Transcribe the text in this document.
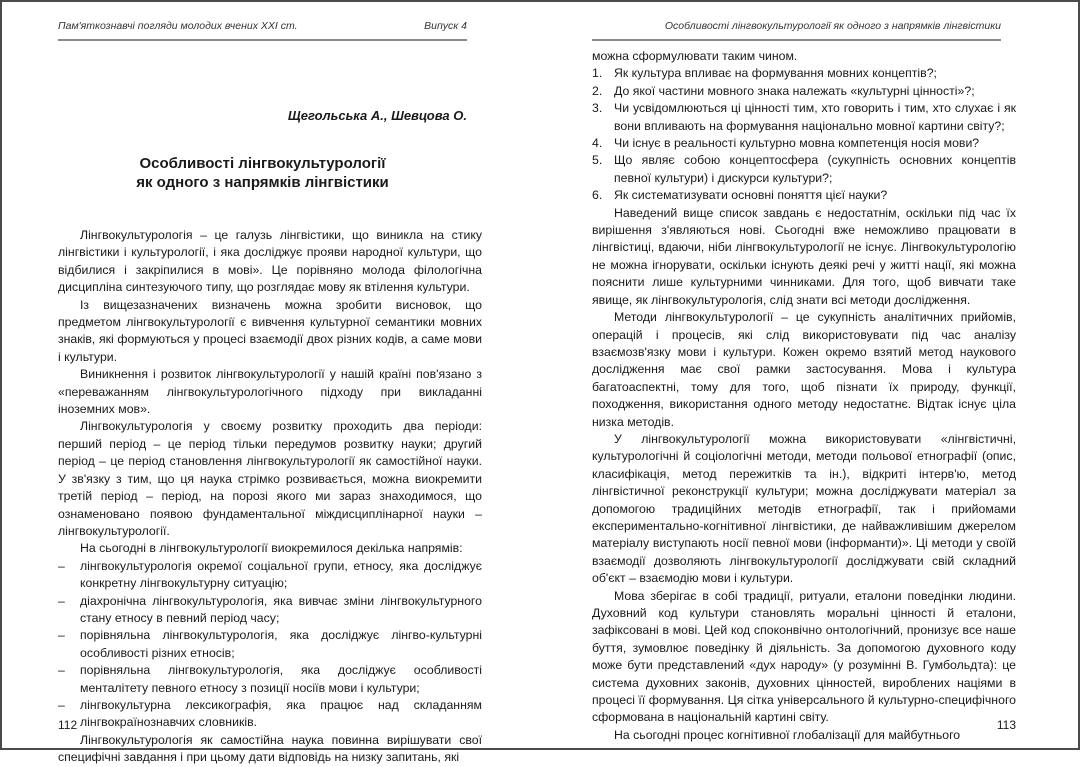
Пам'яткознавчі погляди молодих вчених XXI ст.	Випуск 4
Щегольська А., Шевцова О.
Особливості лінгвокультурології
як одного з напрямків лінгвістики

Лінгвокультурологія – це галузь лінгвістики, що виникла на стику лінгвістики і культурології, і яка досліджує прояви народної культури, що відбилися і закріпилися в мові». Це порівняно молода філологічна дисципліна синтезуючого типу, що розглядає мову як втілення культури.

Із вищезазначених визначень можна зробити висновок, що предметом лінгвокультурології є вивчення культурної семантики мовних знаків, які формуються у процесі взаємодії двох різних кодів, а саме мови і культури.

Виникнення і розвиток лінгвокультурології у нашій країні пов'язано з «переважанням лінгвокультурологічного підходу при викладанні іноземних мов».

Лінгвокультурологія у своєму розвитку проходить два періоди: перший період – це період тільки передумов розвитку науки; другий період – це період становлення лінгвокультурології як самостійної науки. У зв'язку з тим, що ця наука стрімко розвивається, можна виокремити третій період – період, на порозі якого ми зараз знаходимося, що ознаменовано появою фундаментальної міждисциплінарної науки – лінгвокультурології.

На сьогодні в лінгвокультурології виокремилося декілька напрямів:

– лінгвокультурологія окремої соціальної групи, етносу, яка досліджує конкретну лінгвокультурну ситуацію;
– діахронічна лінгвокультурологія, яка вивчає зміни лінгвокультурного стану етносу в певний період часу;
– порівняльна лінгвокультурологія, яка досліджує лінгво-культурні особливості різних етносів;
– порівняльна лінгвокультурологія, яка досліджує особливості менталітету певного етносу з позиції носіїв мови і культури;
– лінгвокультурна лексикографія, яка працює над складанням лінгвокраїнознавчих словників.

Лінгвокультурологія як самостійна наука повинна вирішувати свої специфічні завдання і при цьому дати відповідь на низку запитань, які

112
Особливості лінгвокультурології як одного з напрямків лінгвістики

можна сформулювати таким чином.

1. Як культура впливає на формування мовних концептів?;
2. До якої частини мовного знака належать «культурні цінності»?;
3. Чи усвідомлюються ці цінності тим, хто говорить і тим, хто слухає і як вони впливають на формування національно мовної картини світу?;
4. Чи існує в реальності культурно мовна компетенція носія мови?
5. Що являє собою концептосфера (сукупність основних концептів певної культури) і дискурси культури?;
6. Як систематизувати основні поняття цієї науки?

Наведений вище список завдань є недостатнім, оскільки під час їх вирішення з'являються нові. Сьогодні вже неможливо працювати в лінгвістиці, вдаючи, ніби лінгвокультурології не існує. Лінгвокультурологію не можна ігнорувати, оскільки існують деякі речі у житті нації, які можна пояснити лише культурними чинниками. Для того, щоб вивчати таке явище, як лінгвокультурологія, слід знати всі методи дослідження.

Методи лінгвокультурології – це сукупність аналітичних прийомів, операцій і процесів, які слід використовувати під час аналізу взаємозв'язку мови і культури. Кожен окремо взятий метод наукового дослідження має свої рамки застосування. Мова і культура багатоаспектні, тому для того, щоб пізнати їх природу, функції, походження, використання одного методу недостатнє. Відтак існує ціла низка методів.

У лінгвокультурології можна використовувати «лінгвістичні, культурологічні й соціологічні методи, методи польової етнографії (опис, класифікація, метод пережитків та ін.), відкриті інтерв'ю, метод лінгвістичної реконструкції культури; можна досліджувати матеріал за допомогою традиційних методів етнографії, так і прийомами експериментально-когнітивної лінгвістики, де найважливішим джерелом матеріалу виступають носії певної мови (інформанти)». Ці методи у своїй взаємодії дозволяють лінгвокультурології досліджувати свій складний об'єкт – взаємодію мови і культури.

Мова зберігає в собі традиції, ритуали, еталони поведінки людини. Духовний код культури становлять моральні цінності й еталони, зафіксовані в мові. Цей код споконвічно онтологічний, пронизує все наше буття, зумовлює поведінку й діяльність. За допомогою духовного коду може бути представлений «дух народу» (у розумінні В. Гумбольдта): це система духовних законів, духовних цінностей, вироблених націями в процесі її формування. Ця сітка універсального й культурно-специфічного сформована в національній картині світу.

На сьогодні процес когнітивної глобалізації для майбутнього

113
